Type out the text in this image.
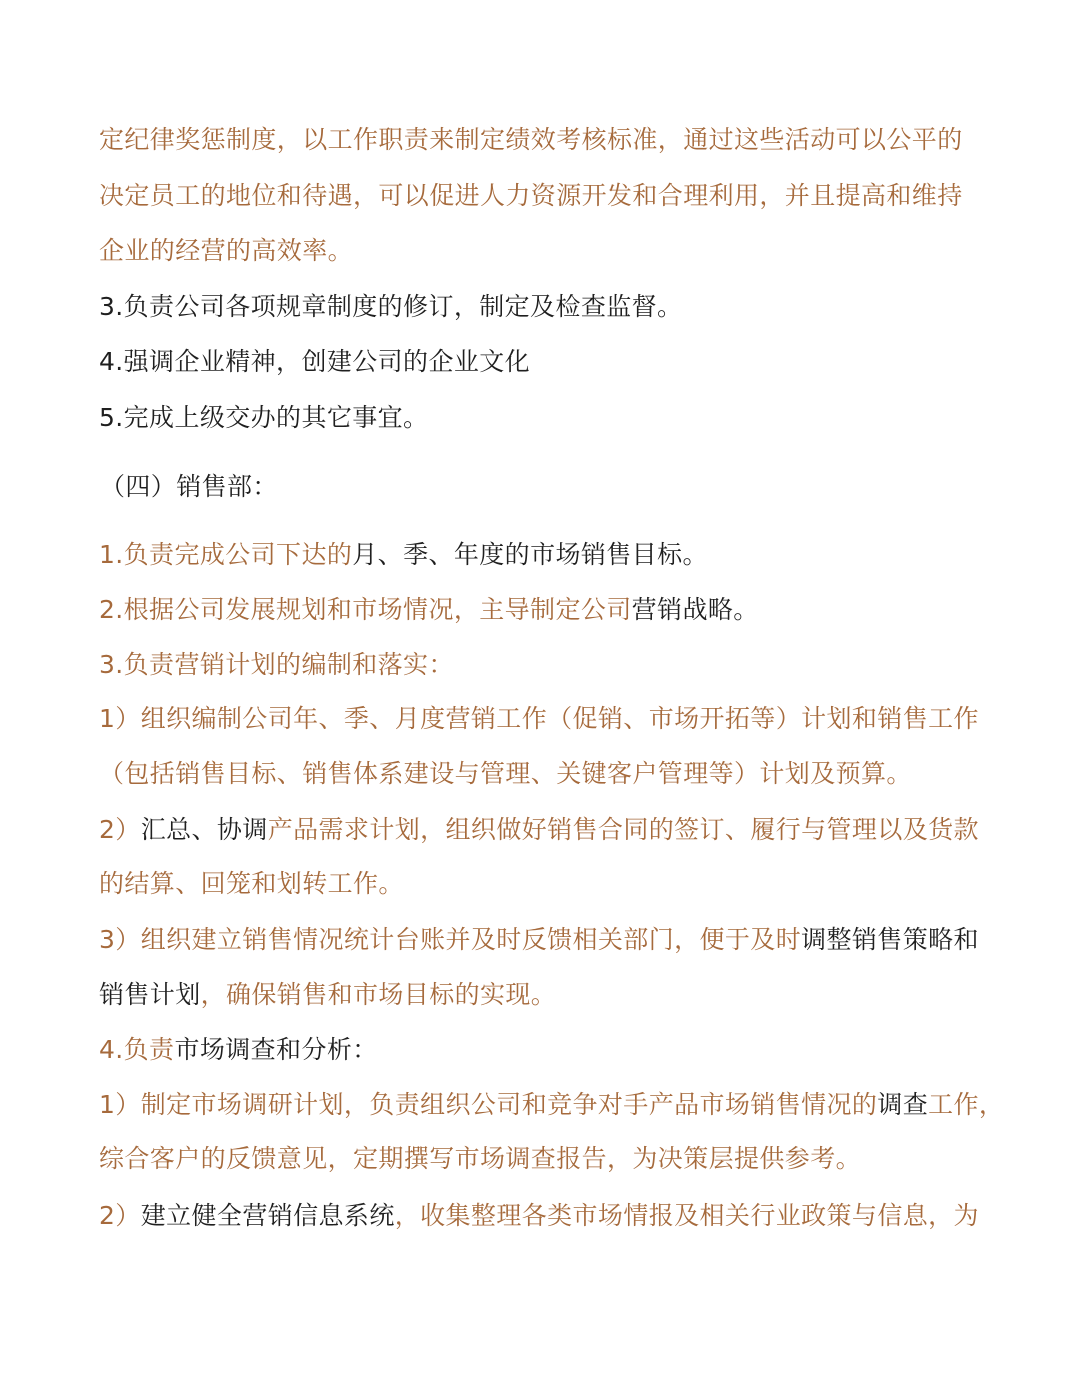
定纪律奖惩制度，以工作职责来制定绩效考核标准，通过这些活动可以公平的
决定员工的地位和待遇，可以促进人力资源开发和合理利用，并且提高和维持
企业的经营的高效率。
3.负责公司各项规章制度的修订，制定及检查监督。
4.强调企业精神，创建公司的企业文化
5.完成上级交办的其它事宜。
（四）销售部：
1.负责完成公司下达的月、季、年度的市场销售目标。
2.根据公司发展规划和市场情况，主导制定公司营销战略。
3.负责营销计划的编制和落实：
1）组织编制公司年、季、月度营销工作（促销、市场开拓等）计划和销售工作
（包括销售目标、销售体系建设与管理、关键客户管理等）计划及预算。
2）汇总、协调产品需求计划，组织做好销售合同的签订、履行与管理以及货款
的结算、回笼和划转工作。
3）组织建立销售情况统计台账并及时反馈相关部门，便于及时调整销售策略和
销售计划，确保销售和市场目标的实现。
4.负责市场调查和分析：
1）制定市场调研计划，负责组织公司和竞争对手产品市场销售情况的调查工作，
综合客户的反馈意见，定期撰写市场调查报告，为决策层提供参考。
2）建立健全营销信息系统，收集整理各类市场情报及相关行业政策与信息，为
